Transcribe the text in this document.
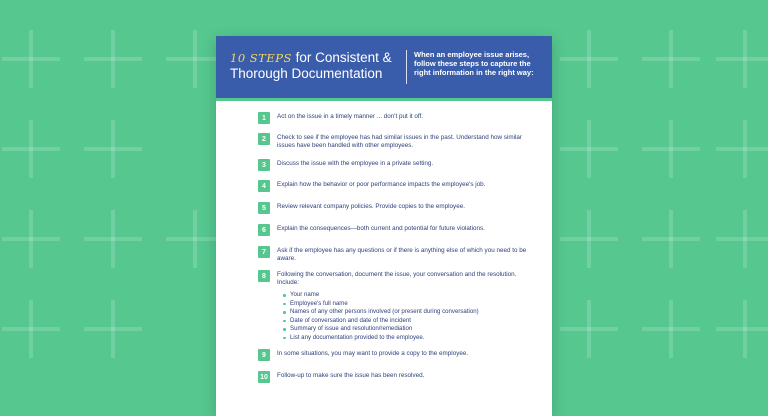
10 STEPS for Consistent &
Thorough Documentation
When an employee issue arises, follow these steps to capture the right information in the right way:
1	Act on the issue in a timely manner ... don't put it off.
2	Check to see if the employee has had similar issues in the past. Understand how similar issues have been handled with other employees.
3	Discuss the issue with the employee in a private setting.
4	Explain how the behavior or poor performance impacts the employee's job.
5	Review relevant company policies. Provide copies to the employee.
6	Explain the consequences—both current and potential for future violations.
7	Ask if the employee has any questions or if there is anything else of which you need to be aware.
8	Following the conversation, document the issue, your conversation and the resolution. Include:
Your name
Employee's full name
Names of any other persons involved (or present during conversation)
Date of conversation and date of the incident
Summary of issue and resolution/remediation
List any documentation provided to the employee.
9	In some situations, you may want to provide a copy to the employee.
10	Follow-up to make sure the issue has been resolved.
